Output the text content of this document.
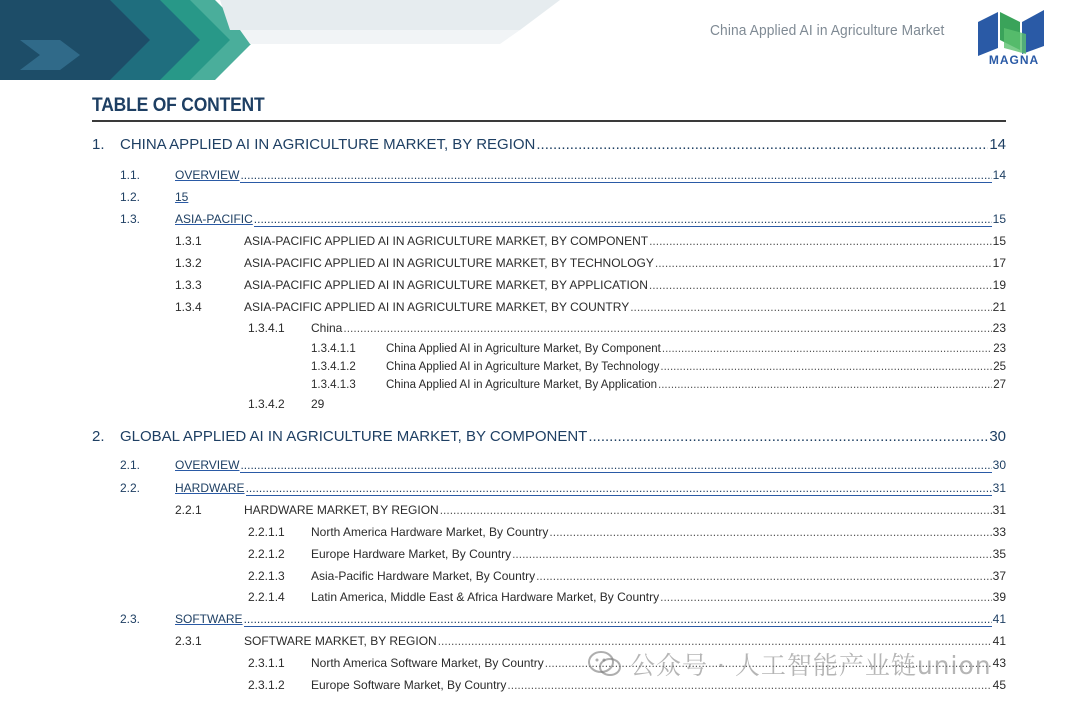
China Applied AI in Agriculture Market
MAGNA
TABLE OF CONTENT
1.	CHINA APPLIED AI IN AGRICULTURE MARKET, BY REGION .....	14
1.1.	OVERVIEW .....	14
1.2.	15
1.3.	ASIA-PACIFIC .....	15
1.3.1	ASIA-PACIFIC APPLIED AI IN AGRICULTURE MARKET, BY COMPONENT .....	15
1.3.2	ASIA-PACIFIC APPLIED AI IN AGRICULTURE MARKET, BY TECHNOLOGY .....	17
1.3.3	ASIA-PACIFIC APPLIED AI IN AGRICULTURE MARKET, BY APPLICATION .....	19
1.3.4	ASIA-PACIFIC APPLIED AI IN AGRICULTURE MARKET, BY COUNTRY .....	21
1.3.4.1	China .....	23
1.3.4.1.1	China Applied AI in Agriculture Market, By Component .....	23
1.3.4.1.2	China Applied AI in Agriculture Market, By Technology .....	25
1.3.4.1.3	China Applied AI in Agriculture Market, By Application .....	27
1.3.4.2	29
2.	GLOBAL APPLIED AI IN AGRICULTURE MARKET, BY COMPONENT .....	30
2.1.	OVERVIEW .....	30
2.2.	HARDWARE .....	31
2.2.1	HARDWARE MARKET, BY REGION .....	31
2.2.1.1	North America Hardware Market, By Country .....	33
2.2.1.2	Europe Hardware Market, By Country .....	35
2.2.1.3	Asia-Pacific Hardware Market, By Country .....	37
2.2.1.4	Latin America, Middle East & Africa Hardware Market, By Country .....	39
2.3.	SOFTWARE .....	41
2.3.1	SOFTWARE MARKET, BY REGION .....	41
2.3.1.1	North America Software Market, By Country .....	43
2.3.1.2	Europe Software Market, By Country .....	45
公众号 · 人工智能产业链union
